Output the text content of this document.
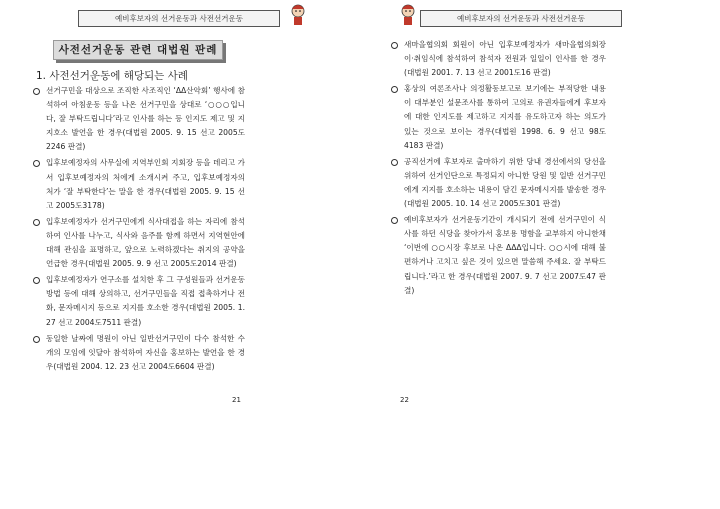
예비후보자의 선거운동과 사전선거운동
사전선거운동 관련 대법원 판례
1. 사전선거운동에 해당되는 사례
선거구민을 대상으로 조직한 사조직인 ‘ΔΔ산악회’ 행사에 참석하여 아침운동 등을 나온 선거구민을 상대로 ‘○○○입니다, 잘 부탁드립니다’라고 인사를 하는 등 인지도 제고 및 지지호소 발언을 한 경우(대법원 2005. 9. 15 선고 2005도2246 판결)
입후보예정자의 사무실에 지역부인회 지회장 등을 데리고 가서 입후보예정자의 처에게 소개시켜 주고, 입후보예정자의 처가 ‘잘 부탁한다’는 말을 한 경우(대법원 2005. 9. 15 선고 2005도3178)
입후보예정자가 선거구민에게 식사대접을 하는 자리에 참석하여 인사를 나누고, 식사와 음주를 함께 하면서 지역현안에 대해 관심을 표명하고, 앞으로 노력하겠다는 취지의 공약을 언급한 경우(대법원 2005. 9. 9 선고 2005도2014 판결)
입후보예정자가 연구소를 설치한 후 그 구성원들과 선거운동방법 등에 대해 상의하고, 선거구민들을 직접 접촉하거나 전화, 문자메시지 등으로 지지를 호소한 경우(대법원 2005. 1. 27 선고 2004도7511 판결)
동일한 날짜에 명원이 아닌 일반선거구민이 다수 참석한 수개의 모임에 잇달아 참석하여 자신을 홍보하는 발언을 한 경우(대법원 2004. 12. 23 선고 2004도6604 판결)
21
예비후보자의 선거운동과 사전선거운동
새마을협의회 회원이 아닌 입후보예정자가 새마을협의회장 이·취임식에 참석하여 참석자 전원과 일일이 인사를 한 경우(대법원 2001. 7. 13 선고 2001도16 판결)
홍상의 여론조사나 의정활동보고로 보기에는 부적당한 내용이 대부분인 설문조사를 통하여 고의로 유권자들에게 후보자에 대한 인지도를 제고하고 지지를 유도하고자 하는 의도가 있는 것으로 보이는 경우(대법원 1998. 6. 9 선고 98도4183 판결)
공직선거에 후보자로 출마하기 위한 당내 경선에서의 당선을 위하여 선거인단으로 특정되지 아니한 당원 및 일반 선거구민에게 지지를 호소하는 내용이 담긴 문자메시지를 발송한 경우(대법원 2005. 10. 14 선고 2005도301 판결)
예비후보자가 선거운동기간이 개시되기 전에 선거구민이 식사를 하던 식당을 찾아가서 홍보용 명함을 교부하지 아니한채 ‘이번에 ○○시장 후보로 나온 ΔΔΔ입니다. ○○시에 대해 불편하거나 고치고 싶은 것이 있으면 말씀해 주세요. 잘 부탁드립니다.’라고 한 경우(대법원 2007. 9. 7 선고 2007도47 판결)
22
